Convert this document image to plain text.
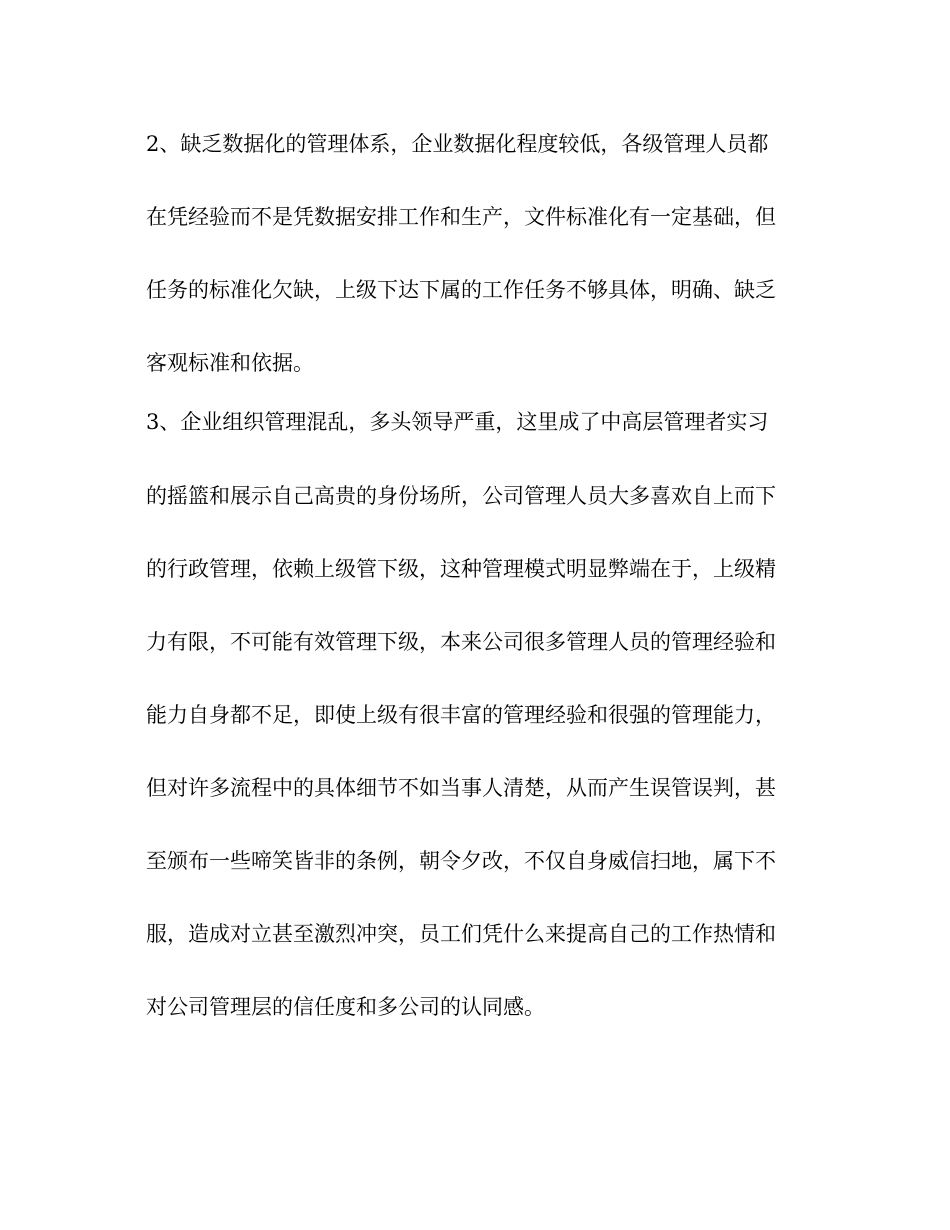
2、缺乏数据化的管理体系，企业数据化程度较低，各级管理人员都
在凭经验而不是凭数据安排工作和生产，文件标准化有一定基础，但
任务的标准化欠缺，上级下达下属的工作任务不够具体，明确、缺乏
客观标准和依据。
3、企业组织管理混乱，多头领导严重，这里成了中高层管理者实习
的摇篮和展示自己高贵的身份场所，公司管理人员大多喜欢自上而下
的行政管理，依赖上级管下级，这种管理模式明显弊端在于，上级精
力有限，不可能有效管理下级，本来公司很多管理人员的管理经验和
能力自身都不足，即使上级有很丰富的管理经验和很强的管理能力，
但对许多流程中的具体细节不如当事人清楚，从而产生误管误判，甚
至颁布一些啼笑皆非的条例，朝令夕改，不仅自身威信扫地，属下不
服，造成对立甚至激烈冲突，员工们凭什么来提高自己的工作热情和
对公司管理层的信任度和多公司的认同感。
